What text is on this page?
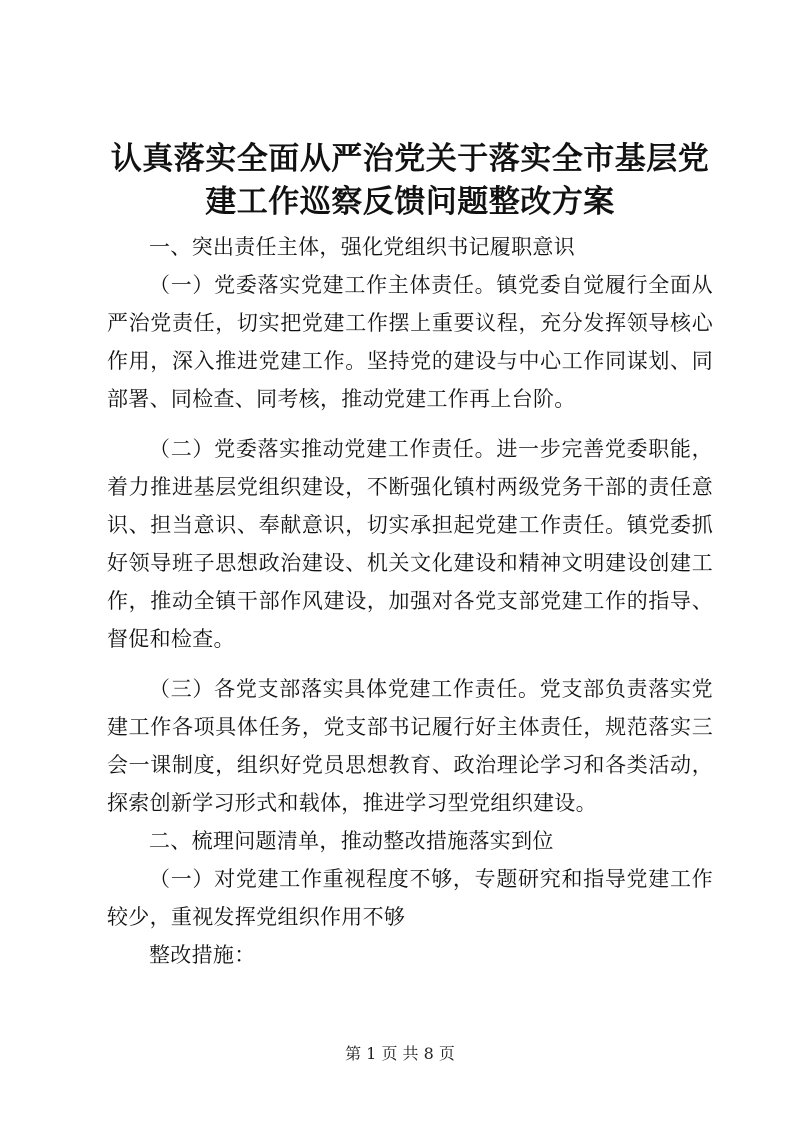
认真落实全面从严治党关于落实全市基层党建工作巡察反馈问题整改方案

一、突出责任主体，强化党组织书记履职意识

（一）党委落实党建工作主体责任。镇党委自觉履行全面从严治党责任，切实把党建工作摆上重要议程，充分发挥领导核心作用，深入推进党建工作。坚持党的建设与中心工作同谋划、同部署、同检查、同考核，推动党建工作再上台阶。

（二）党委落实推动党建工作责任。进一步完善党委职能，着力推进基层党组织建设，不断强化镇村两级党务干部的责任意识、担当意识、奉献意识，切实承担起党建工作责任。镇党委抓好领导班子思想政治建设、机关文化建设和精神文明建设创建工作，推动全镇干部作风建设，加强对各党支部党建工作的指导、督促和检查。

（三）各党支部落实具体党建工作责任。党支部负责落实党建工作各项具体任务，党支部书记履行好主体责任，规范落实三会一课制度，组织好党员思想教育、政治理论学习和各类活动，探索创新学习形式和载体，推进学习型党组织建设。

二、梳理问题清单，推动整改措施落实到位

（一）对党建工作重视程度不够，专题研究和指导党建工作较少，重视发挥党组织作用不够

整改措施：

第 1 页 共 8 页
